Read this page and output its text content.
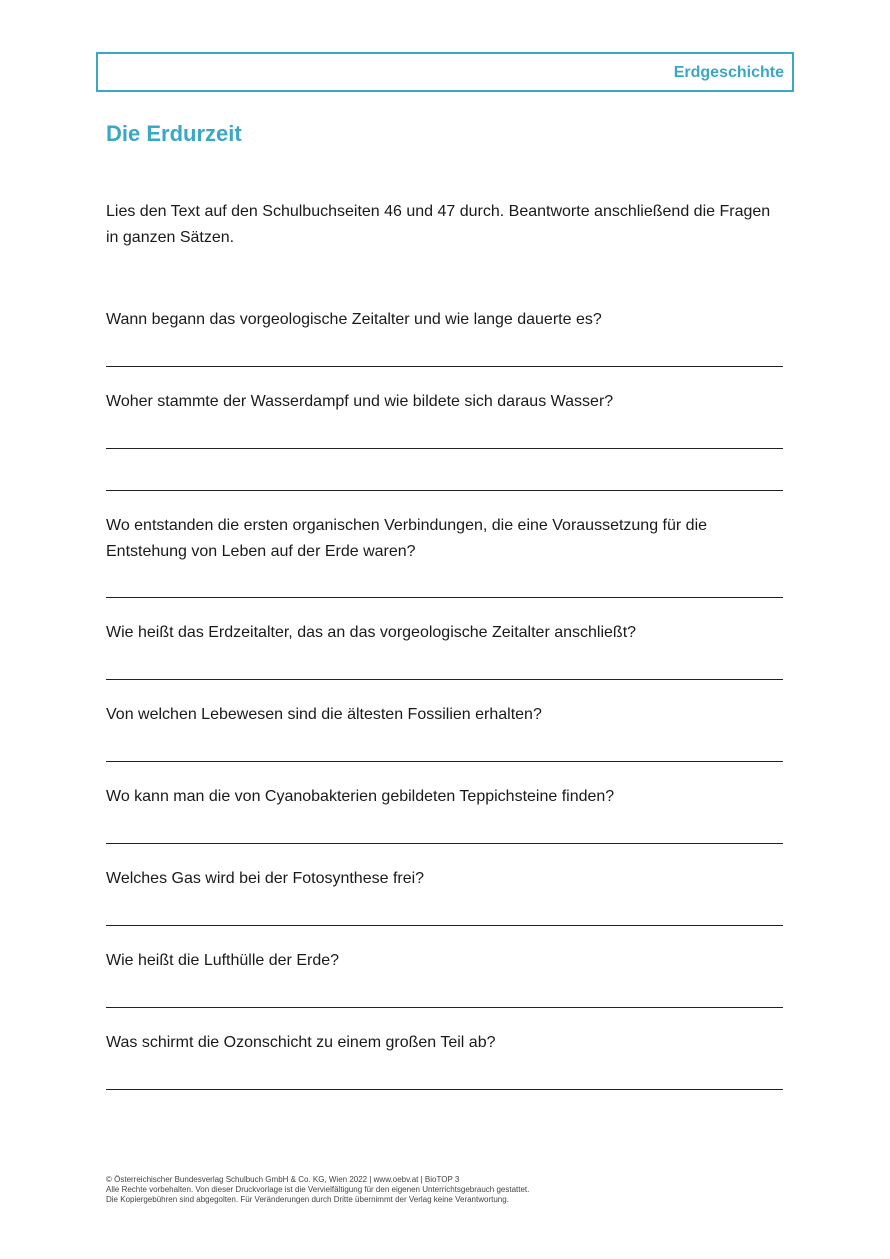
Erdgeschichte
Die Erdurzeit

Lies den Text auf den Schulbuchseiten 46 und 47 durch. Beantworte anschließend die Fragen in ganzen Sätzen.

Wann begann das vorgeologische Zeitalter und wie lange dauerte es?

Woher stammte der Wasserdampf und wie bildete sich daraus Wasser?

Wo entstanden die ersten organischen Verbindungen, die eine Voraussetzung für die Entstehung von Leben auf der Erde waren?

Wie heißt das Erdzeitalter, das an das vorgeologische Zeitalter anschließt?

Von welchen Lebewesen sind die ältesten Fossilien erhalten?

Wo kann man die von Cyanobakterien gebildeten Teppichsteine finden?

Welches Gas wird bei der Fotosynthese frei?

Wie heißt die Lufthülle der Erde?

Was schirmt die Ozonschicht zu einem großen Teil ab?

© Österreichischer Bundesverlag Schulbuch GmbH & Co. KG, Wien 2022 | www.oebv.at | BioTOP 3
Alle Rechte vorbehalten. Von dieser Druckvorlage ist die Vervielfältigung für den eigenen Unterrichtsgebrauch gestattet.
Die Kopiergebühren sind abgegolten. Für Veränderungen durch Dritte übernimmt der Verlag keine Verantwortung.
